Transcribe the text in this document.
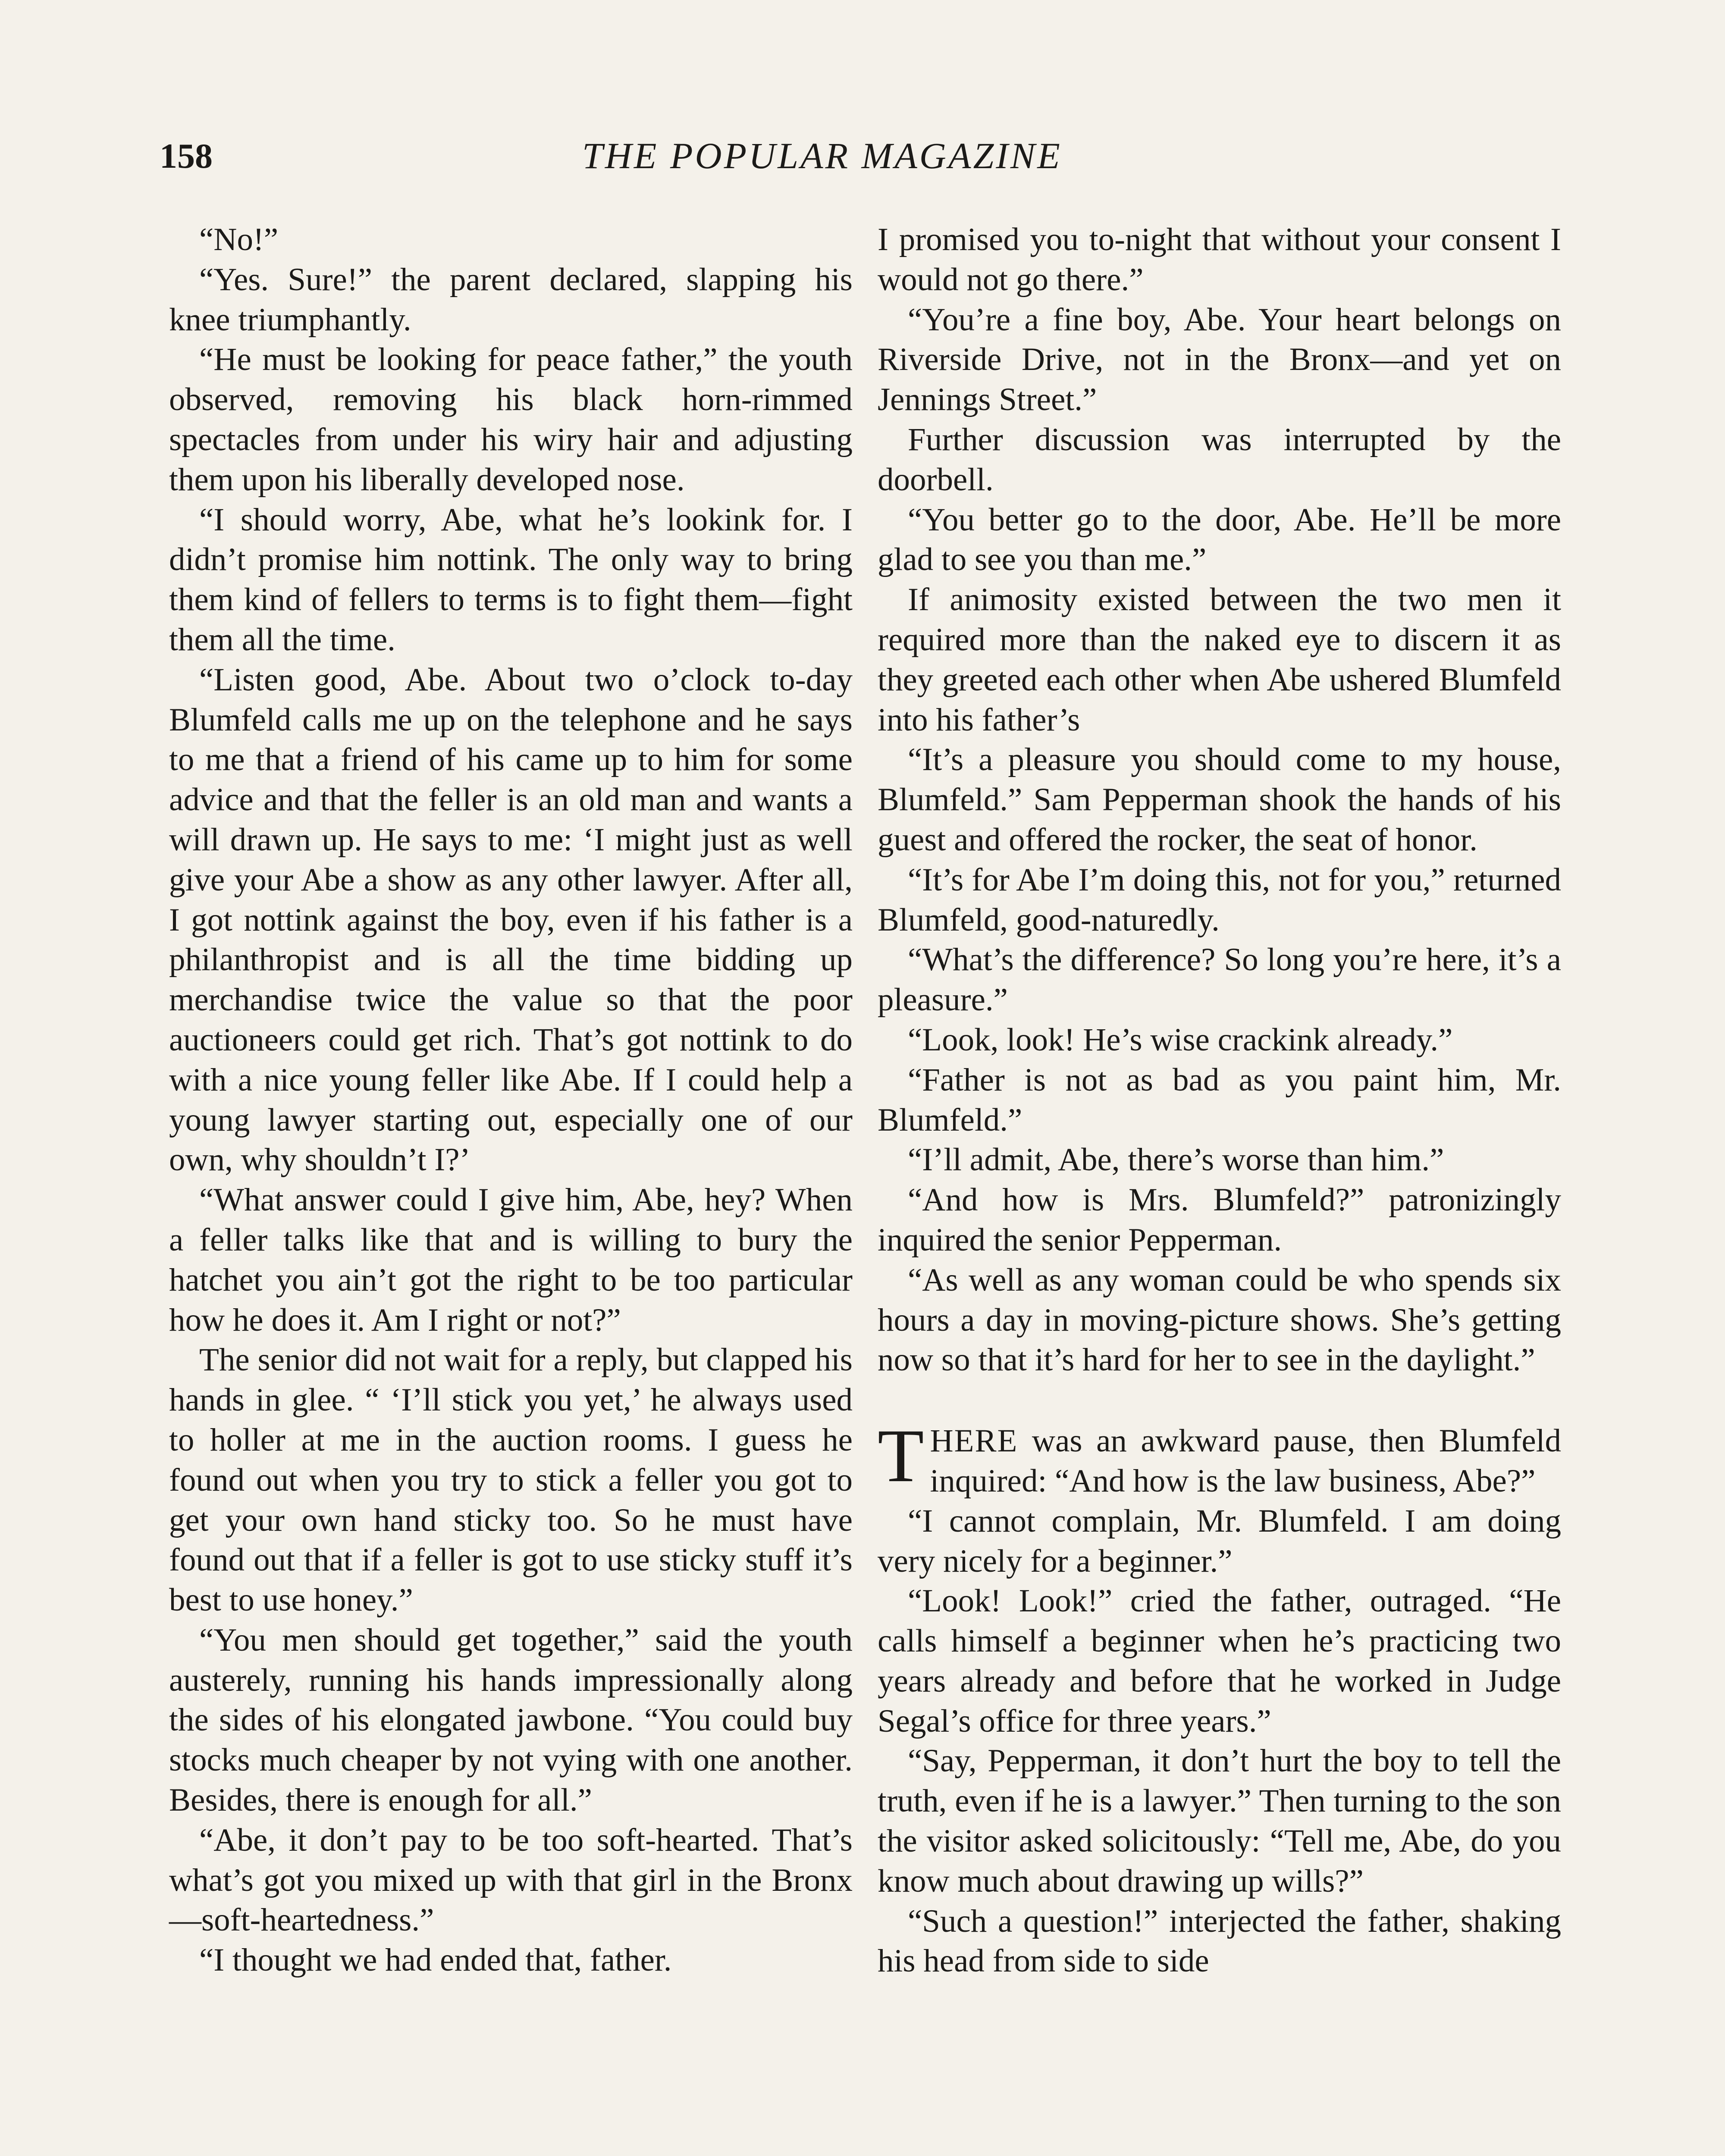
158	THE POPULAR MAGAZINE

“No!”

“Yes. Sure!” the parent declared, slapping his knee triumphantly.

“He must be looking for peace father,” the youth observed, removing his black horn-rimmed spectacles from under his wiry hair and adjusting them upon his liberally developed nose.

“I should worry, Abe, what he’s lookink for. I didn’t promise him nottink. The only way to bring them kind of fellers to terms is to fight them—fight them all the time.

“Listen good, Abe. About two o’clock to-day Blumfeld calls me up on the telephone and he says to me that a friend of his came up to him for some advice and that the feller is an old man and wants a will drawn up. He says to me: ‘I might just as well give your Abe a show as any other lawyer. After all, I got nottink against the boy, even if his father is a philanthropist and is all the time bidding up merchandise twice the value so that the poor auctioneers could get rich. That’s got nottink to do with a nice young feller like Abe. If I could help a young lawyer starting out, especially one of our own, why shouldn’t I?’

“What answer could I give him, Abe, hey? When a feller talks like that and is willing to bury the hatchet you ain’t got the right to be too particular how he does it. Am I right or not?”

The senior did not wait for a reply, but clapped his hands in glee. “ ‘I’ll stick you yet,’ he always used to holler at me in the auction rooms. I guess he found out when you try to stick a feller you got to get your own hand sticky too. So he must have found out that if a feller is got to use sticky stuff it’s best to use honey.”

“You men should get together,” said the youth austerely, running his hands impressionally along the sides of his elongated jawbone. “You could buy stocks much cheaper by not vying with one another. Besides, there is enough for all.”

“Abe, it don’t pay to be too soft-hearted. That’s what’s got you mixed up with that girl in the Bronx—soft-heartedness.”

“I thought we had ended that, father.

I promised you to-night that without your consent I would not go there.”

“You’re a fine boy, Abe. Your heart belongs on Riverside Drive, not in the Bronx—and yet on Jennings Street.”

Further discussion was interrupted by the doorbell.

“You better go to the door, Abe. He’ll be more glad to see you than me.”

If animosity existed between the two men it required more than the naked eye to discern it as they greeted each other when Abe ushered Blumfeld into his father’s

“It’s a pleasure you should come to my house, Blumfeld.” Sam Pepperman shook the hands of his guest and offered the rocker, the seat of honor.

“It’s for Abe I’m doing this, not for you,” returned Blumfeld, good-naturedly.

“What’s the difference? So long you’re here, it’s a pleasure.”

“Look, look! He’s wise crackink already.”

“Father is not as bad as you paint him, Mr. Blumfeld.”

“I’ll admit, Abe, there’s worse than him.”

“And how is Mrs. Blumfeld?” patronizingly inquired the senior Pepperman.

“As well as any woman could be who spends six hours a day in moving-picture shows. She’s getting now so that it’s hard for her to see in the daylight.”

THERE was an awkward pause, then Blumfeld inquired: “And how is the law business, Abe?”

“I cannot complain, Mr. Blumfeld. I am doing very nicely for a beginner.”

“Look! Look!” cried the father, outraged. “He calls himself a beginner when he’s practicing two years already and before that he worked in Judge Segal’s office for three years.”

“Say, Pepperman, it don’t hurt the boy to tell the truth, even if he is a lawyer.” Then turning to the son the visitor asked solicitously: “Tell me, Abe, do you know much about drawing up wills?”

“Such a question!” interjected the father, shaking his head from side to side
